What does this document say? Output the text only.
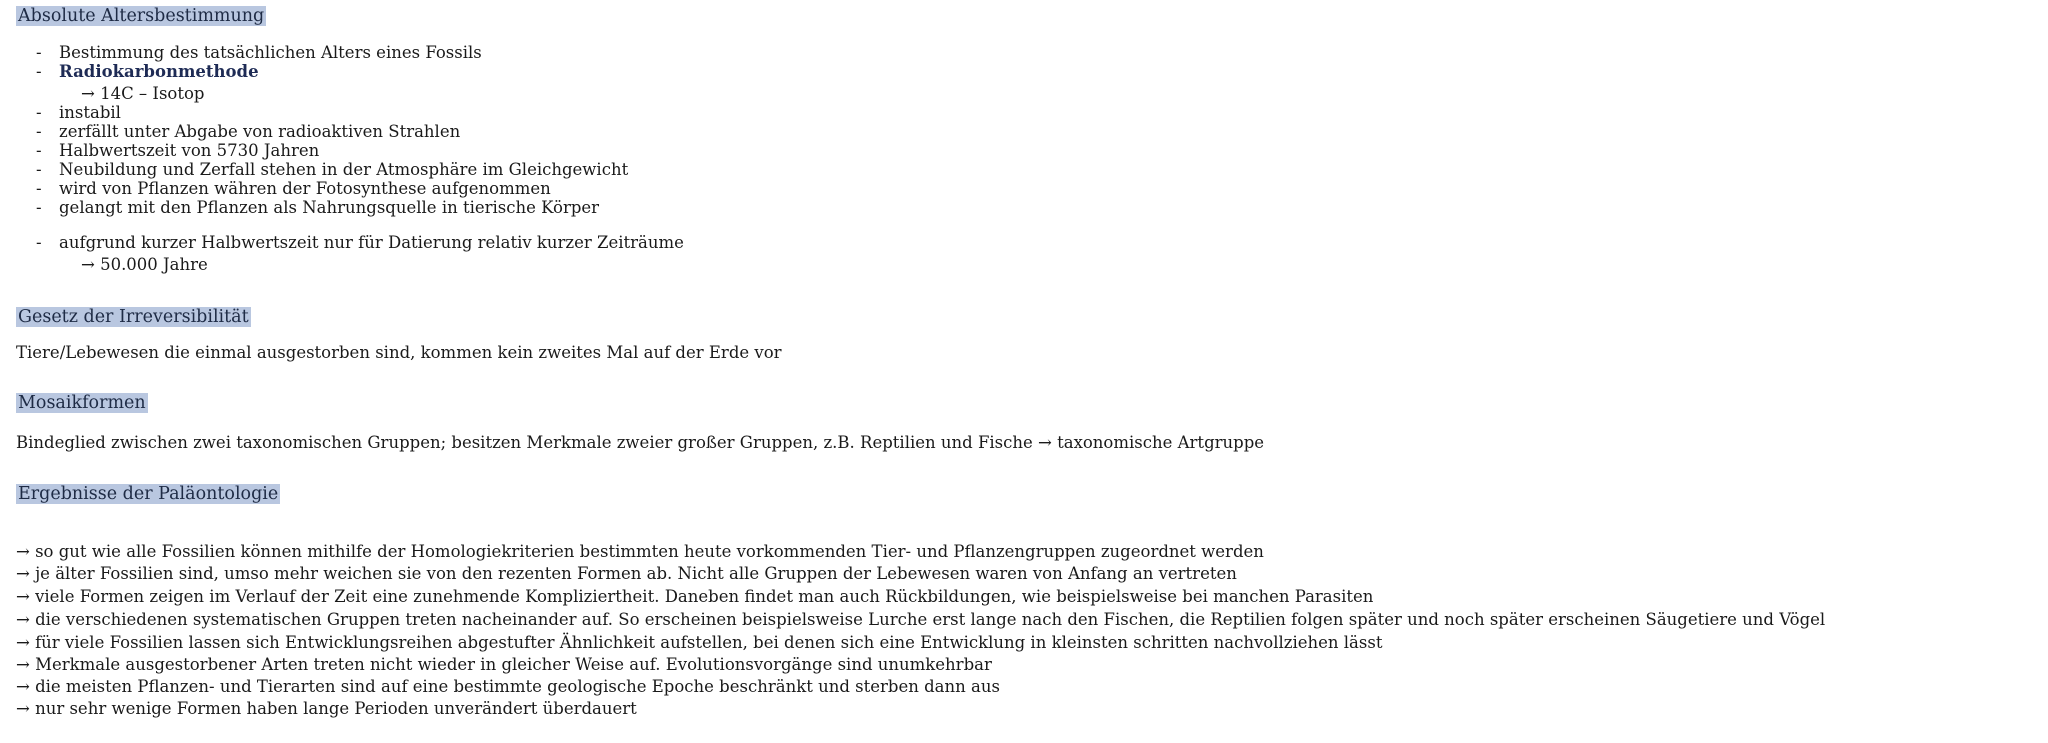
Absolute Altersbestimmung
- Bestimmung des tatsächlichen Alters eines Fossils
- Radiokarbonmethode
→ 14C – Isotop
- instabil
- zerfällt unter Abgabe von radioaktiven Strahlen
- Halbwertszeit von 5730 Jahren
- Neubildung und Zerfall stehen in der Atmosphäre im Gleichgewicht
- wird von Pflanzen währen der Fotosynthese aufgenommen
- gelangt mit den Pflanzen als Nahrungsquelle in tierische Körper
- aufgrund kurzer Halbwertszeit nur für Datierung relativ kurzer Zeiträume
→ 50.000 Jahre
Gesetz der Irreversibilität
Tiere/Lebewesen die einmal ausgestorben sind, kommen kein zweites Mal auf der Erde vor
Mosaikformen
Bindeglied zwischen zwei taxonomischen Gruppen; besitzen Merkmale zweier großer Gruppen, z.B. Reptilien und Fische → taxonomische Artgruppe
Ergebnisse der Paläontologie
→ so gut wie alle Fossilien können mithilfe der Homologiekriterien bestimmten heute vorkommenden Tier- und Pflanzengruppen zugeordnet werden
→ je älter Fossilien sind, umso mehr weichen sie von den rezenten Formen ab. Nicht alle Gruppen der Lebewesen waren von Anfang an vertreten
→ viele Formen zeigen im Verlauf der Zeit eine zunehmende Kompliziertheit. Daneben findet man auch Rückbildungen, wie beispielsweise bei manchen Parasiten
→ die verschiedenen systematischen Gruppen treten nacheinander auf. So erscheinen beispielsweise Lurche erst lange nach den Fischen, die Reptilien folgen später und noch später erscheinen Säugetiere und Vögel
→ für viele Fossilien lassen sich Entwicklungsreihen abgestufter Ähnlichkeit aufstellen, bei denen sich eine Entwicklung in kleinsten schritten nachvollziehen lässt
→ Merkmale ausgestorbener Arten treten nicht wieder in gleicher Weise auf. Evolutionsvorgänge sind unumkehrbar
→ die meisten Pflanzen- und Tierarten sind auf eine bestimmte geologische Epoche beschränkt und sterben dann aus
→ nur sehr wenige Formen haben lange Perioden unverändert überdauert
